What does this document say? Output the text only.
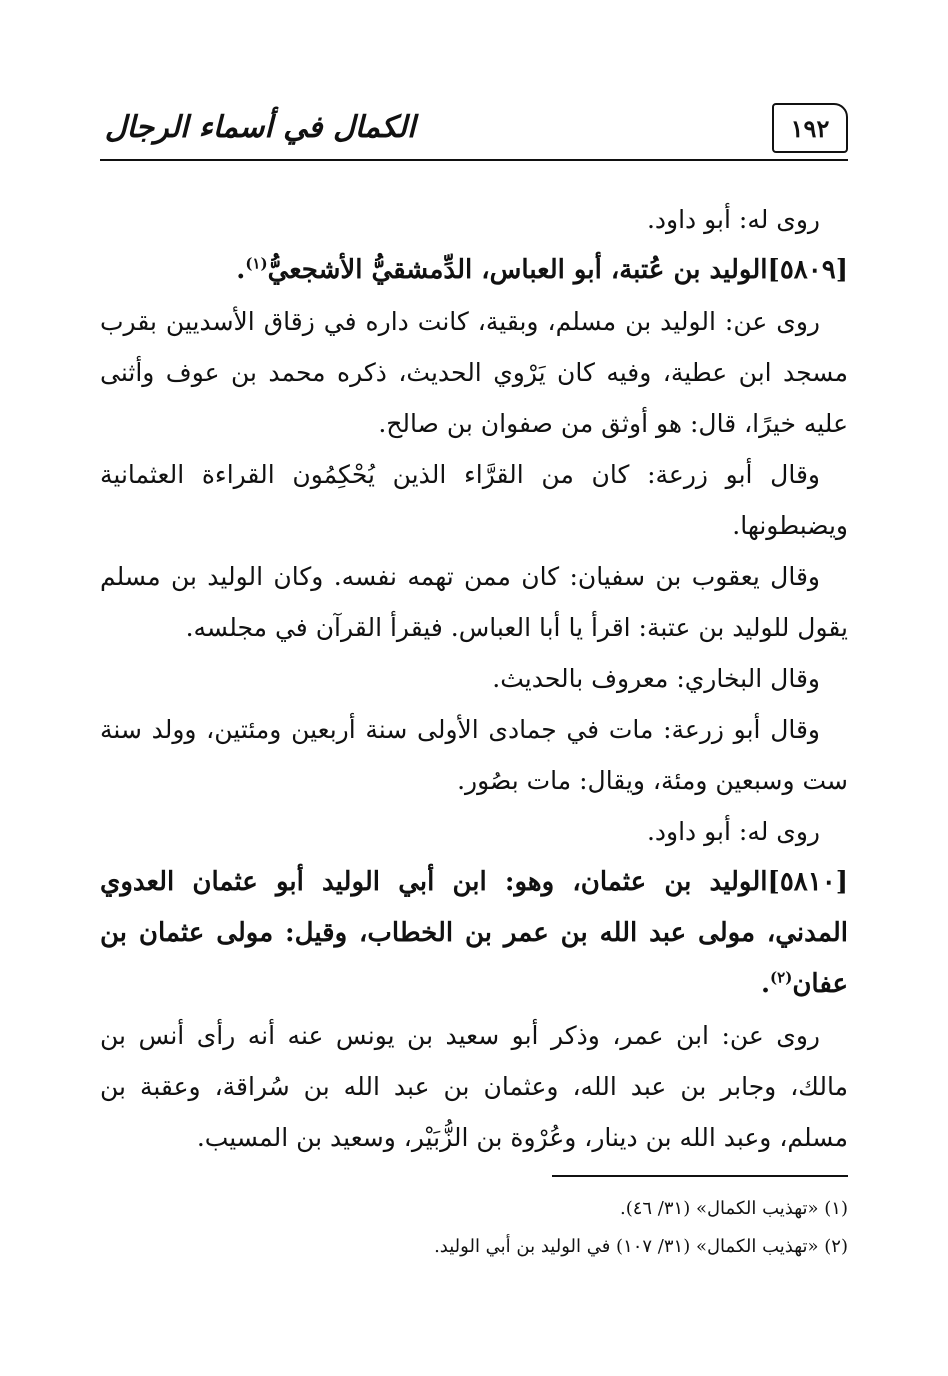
الكمال في أسماء الرجال	١٩٢

روى له: أبو داود.

[٥٨٠٩]الوليد بن عُتبة، أبو العباس، الدِّمشقيُّ الأشجعيُّ$^{(١)}$.

روى عن: الوليد بن مسلم، وبقية، كانت داره في زقاق الأسديين بقرب مسجد ابن عطية، وفيه كان يَرْوي الحديث، ذكره محمد بن عوف وأثنى عليه خيرًا، قال: هو أوثق من صفوان بن صالح.

وقال أبو زرعة: كان من القرَّاء الذين يُحْكِمُون القراءة العثمانية ويضبطونها.

وقال يعقوب بن سفيان: كان ممن تهمه نفسه. وكان الوليد بن مسلم يقول للوليد بن عتبة: اقرأ يا أبا العباس. فيقرأ القرآن في مجلسه.

وقال البخاري: معروف بالحديث.

وقال أبو زرعة: مات في جمادى الأولى سنة أربعين ومئتين، وولد سنة ست وسبعين ومئة، ويقال: مات بصُور.

روى له: أبو داود.

[٥٨١٠]الوليد بن عثمان، وهو: ابن أبي الوليد أبو عثمان العدوي المدني، مولى عبد الله بن عمر بن الخطاب، وقيل: مولى عثمان بن عفان$^{(٢)}$.

روى عن: ابن عمر، وذكر أبو سعيد بن يونس عنه أنه رأى أنس بن مالك، وجابر بن عبد الله، وعثمان بن عبد الله بن سُراقة، وعقبة بن مسلم، وعبد الله بن دينار، وعُرْوة بن الزُّبَيْر، وسعيد بن المسيب.

(١) «تهذيب الكمال» (٣١/ ٤٦).

(٢) «تهذيب الكمال» (٣١/ ١٠٧) في الوليد بن أبي الوليد.
